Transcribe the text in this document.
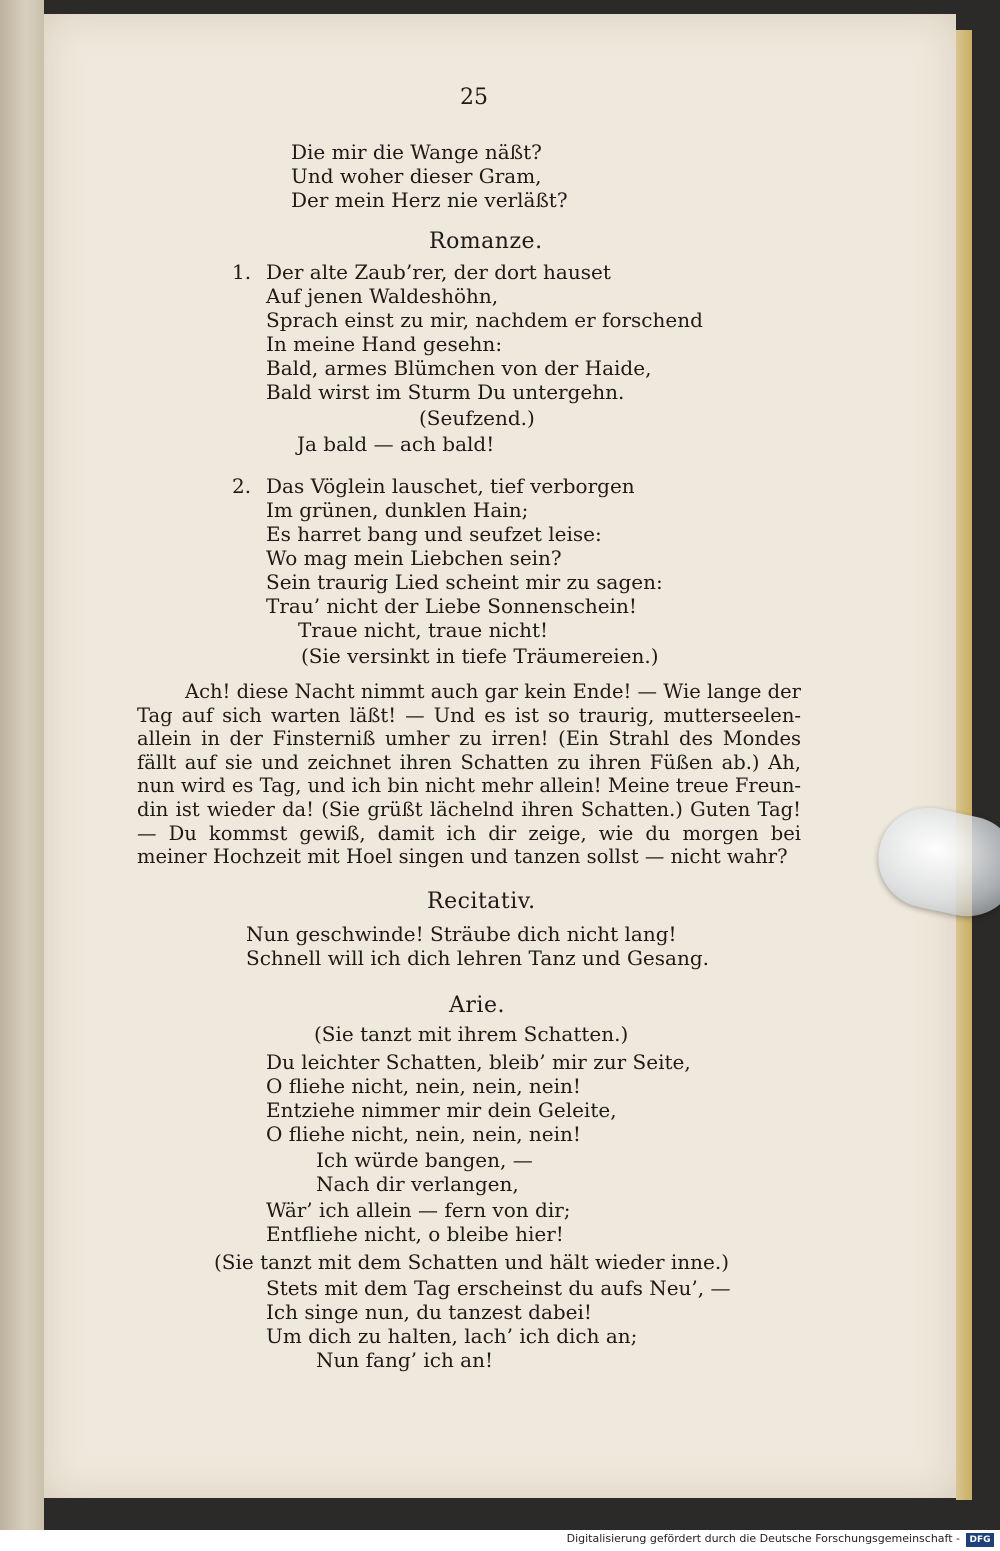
25
Die mir die Wange näßt?
Und woher dieser Gram,
Der mein Herz nie verläßt?
Romanze.
1. Der alte Zaub’rer, der dort hauset
Auf jenen Waldeshöhn,
Sprach einst zu mir, nachdem er forschend
In meine Hand gesehn:
Bald, armes Blümchen von der Haide,
Bald wirst im Sturm Du untergehn.
(Seufzend.)
Ja bald — ach bald!
2. Das Vöglein lauschet, tief verborgen
Im grünen, dunklen Hain;
Es harret bang und seufzet leise:
Wo mag mein Liebchen sein?
Sein traurig Lied scheint mir zu sagen:
Trau’ nicht der Liebe Sonnenschein!
Traue nicht, traue nicht!
(Sie versinkt in tiefe Träumereien.)
Ach! diese Nacht nimmt auch gar kein Ende! — Wie lange der Tag auf sich warten läßt! — Und es ist so traurig, mutterseelen-allein in der Finsterniß umher zu irren! (Ein Strahl des Mondes fällt auf sie und zeichnet ihren Schatten zu ihren Füßen ab.) Ah, nun wird es Tag, und ich bin nicht mehr allein! Meine treue Freun-din ist wieder da! (Sie grüßt lächelnd ihren Schatten.) Guten Tag! — Du kommst gewiß, damit ich dir zeige, wie du morgen bei meiner Hochzeit mit Hoel singen und tanzen sollst — nicht wahr?
Recitativ.
Nun geschwinde! Sträube dich nicht lang!
Schnell will ich dich lehren Tanz und Gesang.
Arie.
(Sie tanzt mit ihrem Schatten.)
Du leichter Schatten, bleib’ mir zur Seite,
O fliehe nicht, nein, nein, nein!
Entziehe nimmer mir dein Geleite,
O fliehe nicht, nein, nein, nein!
Ich würde bangen, —
Nach dir verlangen,
Wär’ ich allein — fern von dir;
Entfliehe nicht, o bleibe hier!
(Sie tanzt mit dem Schatten und hält wieder inne.)
Stets mit dem Tag erscheinst du aufs Neu’, —
Ich singe nun, du tanzest dabei!
Um dich zu halten, lach’ ich dich an;
Nun fang’ ich an!
Digitalisierung gefördert durch die Deutsche Forschungsgemeinschaft -	DFG
